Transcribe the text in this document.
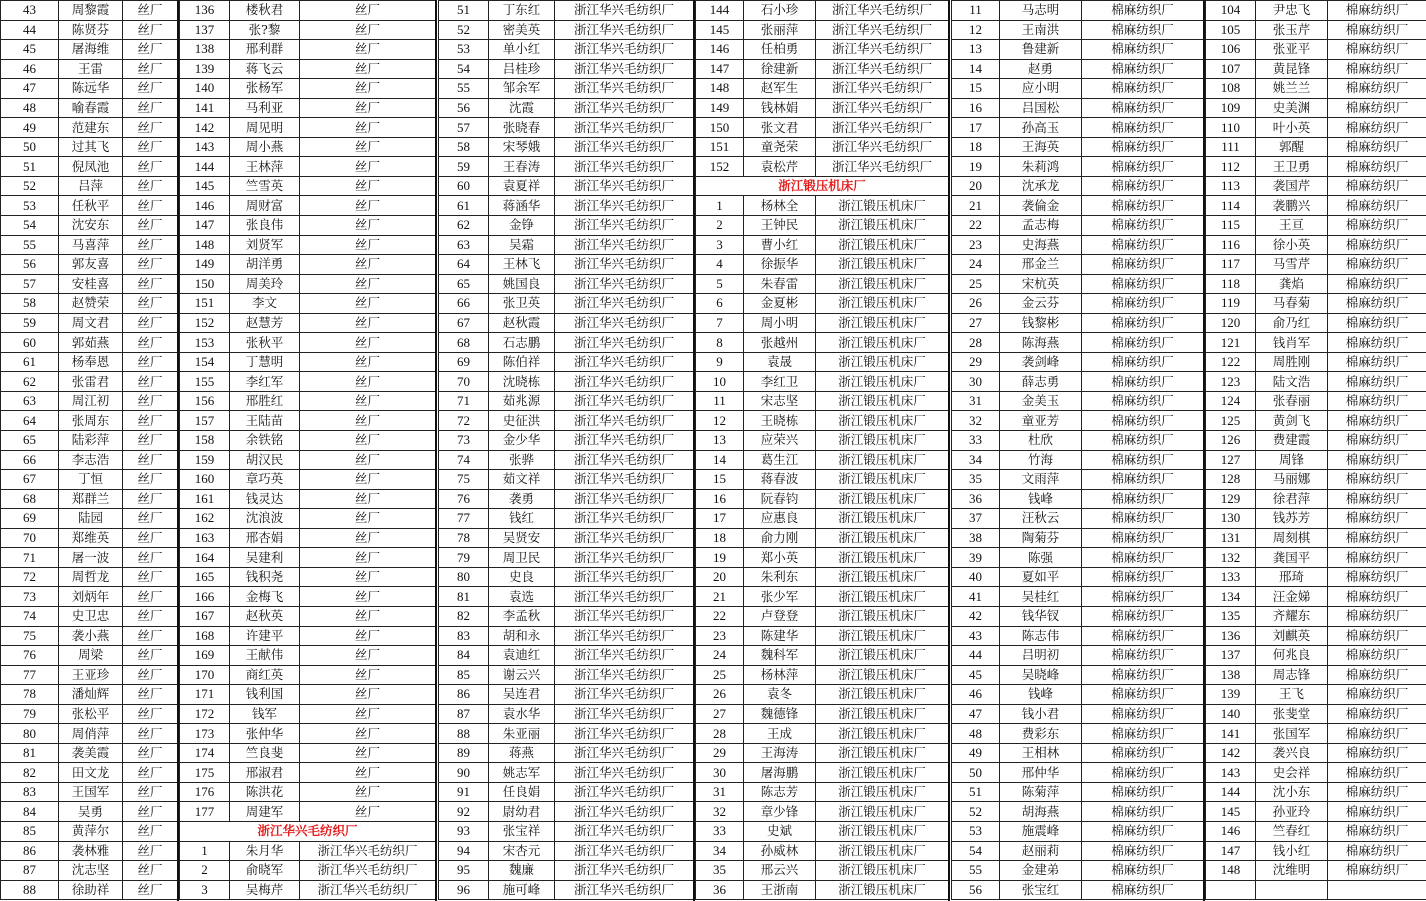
43	周黎霞	丝厂
44	陈贤芬	丝厂
45	屠海维	丝厂
46	王雷	丝厂
47	陈远华	丝厂
48	喻春霞	丝厂
49	范建东	丝厂
50	过其飞	丝厂
51	倪凤池	丝厂
52	吕萍	丝厂
53	任秋平	丝厂
54	沈安东	丝厂
55	马喜萍	丝厂
56	郭友喜	丝厂
57	安桂喜	丝厂
58	赵赞荣	丝厂
59	周文君	丝厂
60	郭茹燕	丝厂
61	杨奉恩	丝厂
62	张雷君	丝厂
63	周江初	丝厂
64	张周东	丝厂
65	陆彩萍	丝厂
66	李志浩	丝厂
67	丁恒	丝厂
68	郑群兰	丝厂
69	陆园	丝厂
70	郑维英	丝厂
71	屠一波	丝厂
72	周哲龙	丝厂
73	刘炳年	丝厂
74	史卫忠	丝厂
75	袭小燕	丝厂
76	周梁	丝厂
77	王亚珍	丝厂
78	潘灿辉	丝厂
79	张松平	丝厂
80	周俏萍	丝厂
81	袭美霞	丝厂
82	田文龙	丝厂
83	王国军	丝厂
84	吴勇	丝厂
85	黄萍尔	丝厂
86	袭林雅	丝厂
87	沈志坚	丝厂
88	徐助祥	丝厂
136	楼秋君	丝厂
137	张?黎	丝厂
138	邢利群	丝厂
139	蒋飞云	丝厂
140	张杨军	丝厂
141	马利亚	丝厂
142	周见明	丝厂
143	周小燕	丝厂
144	王林萍	丝厂
145	竺雪英	丝厂
146	周财富	丝厂
147	张良伟	丝厂
148	刘贤军	丝厂
149	胡洋勇	丝厂
150	周美玲	丝厂
151	李文	丝厂
152	赵慧芳	丝厂
153	张秋平	丝厂
154	丁慧明	丝厂
155	李红军	丝厂
156	邢胜红	丝厂
157	王陆苗	丝厂
158	余铁铭	丝厂
159	胡汉民	丝厂
160	章巧英	丝厂
161	钱灵达	丝厂
162	沈浪波	丝厂
163	邢杏娟	丝厂
164	吴建利	丝厂
165	钱积尧	丝厂
166	金梅飞	丝厂
167	赵秋英	丝厂
168	许建平	丝厂
169	王献伟	丝厂
170	商红英	丝厂
171	钱利国	丝厂
172	钱军	丝厂
173	张仲华	丝厂
174	竺良斐	丝厂
175	邢淑君	丝厂
176	陈洪花	丝厂
177	周建军	丝厂
浙江华兴毛纺织厂		
1	朱月华	浙江华兴毛纺织厂
2	俞晓军	浙江华兴毛纺织厂
3	吴梅芹	浙江华兴毛纺织厂
51	丁东红	浙江华兴毛纺织厂
52	密美英	浙江华兴毛纺织厂
53	单小红	浙江华兴毛纺织厂
54	吕桂珍	浙江华兴毛纺织厂
55	邹余军	浙江华兴毛纺织厂
56	沈霞	浙江华兴毛纺织厂
57	张晓春	浙江华兴毛纺织厂
58	宋琴娥	浙江华兴毛纺织厂
59	王春涛	浙江华兴毛纺织厂
60	袁夏祥	浙江华兴毛纺织厂
61	蒋涵华	浙江华兴毛纺织厂
62	金铮	浙江华兴毛纺织厂
63	吴霜	浙江华兴毛纺织厂
64	王林飞	浙江华兴毛纺织厂
65	姚国良	浙江华兴毛纺织厂
66	张卫英	浙江华兴毛纺织厂
67	赵秋霞	浙江华兴毛纺织厂
68	石志鹏	浙江华兴毛纺织厂
69	陈伯祥	浙江华兴毛纺织厂
70	沈晓栋	浙江华兴毛纺织厂
71	茹兆源	浙江华兴毛纺织厂
72	史征洪	浙江华兴毛纺织厂
73	金少华	浙江华兴毛纺织厂
74	张骅	浙江华兴毛纺织厂
75	茹文祥	浙江华兴毛纺织厂
76	袭勇	浙江华兴毛纺织厂
77	钱红	浙江华兴毛纺织厂
78	吴贤安	浙江华兴毛纺织厂
79	周卫民	浙江华兴毛纺织厂
80	史良	浙江华兴毛纺织厂
81	袁选	浙江华兴毛纺织厂
82	李孟秋	浙江华兴毛纺织厂
83	胡和永	浙江华兴毛纺织厂
84	袁迪红	浙江华兴毛纺织厂
85	谢云兴	浙江华兴毛纺织厂
86	吴连君	浙江华兴毛纺织厂
87	袁水华	浙江华兴毛纺织厂
88	朱亚丽	浙江华兴毛纺织厂
89	蒋燕	浙江华兴毛纺织厂
90	姚志军	浙江华兴毛纺织厂
91	任良娟	浙江华兴毛纺织厂
92	尉幼君	浙江华兴毛纺织厂
93	张宝祥	浙江华兴毛纺织厂
94	宋杏元	浙江华兴毛纺织厂
95	魏廉	浙江华兴毛纺织厂
96	施可峰	浙江华兴毛纺织厂
144	石小珍	浙江华兴毛纺织厂
145	张丽萍	浙江华兴毛纺织厂
146	任柏勇	浙江华兴毛纺织厂
147	徐建新	浙江华兴毛纺织厂
148	赵军生	浙江华兴毛纺织厂
149	钱林娟	浙江华兴毛纺织厂
150	张文君	浙江华兴毛纺织厂
151	童尧荣	浙江华兴毛纺织厂
152	袁松芹	浙江华兴毛纺织厂
浙江锻压机床厂		
1	杨林全	浙江锻压机床厂
2	王钟民	浙江锻压机床厂
3	曹小红	浙江锻压机床厂
4	徐振华	浙江锻压机床厂
5	朱春雷	浙江锻压机床厂
6	金夏彬	浙江锻压机床厂
7	周小明	浙江锻压机床厂
8	张越州	浙江锻压机床厂
9	袁晟	浙江锻压机床厂
10	李红卫	浙江锻压机床厂
11	宋志坚	浙江锻压机床厂
12	王晓栋	浙江锻压机床厂
13	应荣兴	浙江锻压机床厂
14	葛生江	浙江锻压机床厂
15	蒋春波	浙江锻压机床厂
16	阮春钧	浙江锻压机床厂
17	应惠良	浙江锻压机床厂
18	俞力刚	浙江锻压机床厂
19	郑小英	浙江锻压机床厂
20	朱利东	浙江锻压机床厂
21	张少军	浙江锻压机床厂
22	卢登登	浙江锻压机床厂
23	陈建华	浙江锻压机床厂
24	魏科军	浙江锻压机床厂
25	杨林萍	浙江锻压机床厂
26	袁冬	浙江锻压机床厂
27	魏德锋	浙江锻压机床厂
28	王成	浙江锻压机床厂
29	王海涛	浙江锻压机床厂
30	屠海鹏	浙江锻压机床厂
31	陈志芳	浙江锻压机床厂
32	章少锋	浙江锻压机床厂
33	史斌	浙江锻压机床厂
34	孙威林	浙江锻压机床厂
35	邢云兴	浙江锻压机床厂
36	王浙南	浙江锻压机床厂
11	马志明	棉麻纺织厂
12	王南洪	棉麻纺织厂
13	鲁建新	棉麻纺织厂
14	赵勇	棉麻纺织厂
15	应小明	棉麻纺织厂
16	吕国松	棉麻纺织厂
17	孙高玉	棉麻纺织厂
18	王海英	棉麻纺织厂
19	朱莉鸿	棉麻纺织厂
20	沈承龙	棉麻纺织厂
21	袭倫金	棉麻纺织厂
22	孟志梅	棉麻纺织厂
23	史海燕	棉麻纺织厂
24	邢金兰	棉麻纺织厂
25	宋杭英	棉麻纺织厂
26	金云芬	棉麻纺织厂
27	钱黎彬	棉麻纺织厂
28	陈海燕	棉麻纺织厂
29	袭剑峰	棉麻纺织厂
30	薛志勇	棉麻纺织厂
31	金美玉	棉麻纺织厂
32	童亚芳	棉麻纺织厂
33	杜欣	棉麻纺织厂
34	竹海	棉麻纺织厂
35	文雨萍	棉麻纺织厂
36	钱峰	棉麻纺织厂
37	汪秋云	棉麻纺织厂
38	陶菊芬	棉麻纺织厂
39	陈强	棉麻纺织厂
40	夏如平	棉麻纺织厂
41	吴桂红	棉麻纺织厂
42	钱华钗	棉麻纺织厂
43	陈志伟	棉麻纺织厂
44	吕明初	棉麻纺织厂
45	吴晓峰	棉麻纺织厂
46	钱峰	棉麻纺织厂
47	钱小君	棉麻纺织厂
48	费彩东	棉麻纺织厂
49	王相林	棉麻纺织厂
50	邢仲华	棉麻纺织厂
51	陈菊萍	棉麻纺织厂
52	胡海燕	棉麻纺织厂
53	施震峰	棉麻纺织厂
54	赵丽莉	棉麻纺织厂
55	金建弟	棉麻纺织厂
56	张宝红	棉麻纺织厂
104	尹忠飞	棉麻纺织厂
105	张玉芹	棉麻纺织厂
106	张亚平	棉麻纺织厂
107	黄昆锋	棉麻纺织厂
108	姚兰兰	棉麻纺织厂
109	史美渊	棉麻纺织厂
110	叶小英	棉麻纺织厂
111	郭醒	棉麻纺织厂
112	王卫勇	棉麻纺织厂
113	袭国芹	棉麻纺织厂
114	袭鹏兴	棉麻纺织厂
115	王亘	棉麻纺织厂
116	徐小英	棉麻纺织厂
117	马雪芹	棉麻纺织厂
118	龚焰	棉麻纺织厂
119	马春菊	棉麻纺织厂
120	俞乃红	棉麻纺织厂
121	钱肖军	棉麻纺织厂
122	周胜刚	棉麻纺织厂
123	陆文浩	棉麻纺织厂
124	张春丽	棉麻纺织厂
125	黄剑飞	棉麻纺织厂
126	费建霞	棉麻纺织厂
127	周锋	棉麻纺织厂
128	马丽娜	棉麻纺织厂
129	徐君萍	棉麻纺织厂
130	钱苏芳	棉麻纺织厂
131	周刻棋	棉麻纺织厂
132	龚国平	棉麻纺织厂
133	邢琦	棉麻纺织厂
134	汪金娣	棉麻纺织厂
135	齐耀东	棉麻纺织厂
136	刘麒英	棉麻纺织厂
137	何兆良	棉麻纺织厂
138	周志锋	棉麻纺织厂
139	王飞	棉麻纺织厂
140	张斐堂	棉麻纺织厂
141	张国军	棉麻纺织厂
142	袭兴良	棉麻纺织厂
143	史会祥	棉麻纺织厂
144	沈小东	棉麻纺织厂
145	孙亚玲	棉麻纺织厂
146	竺春红	棉麻纺织厂
147	钱小红	棉麻纺织厂
148	沈维明	棉麻纺织厂
